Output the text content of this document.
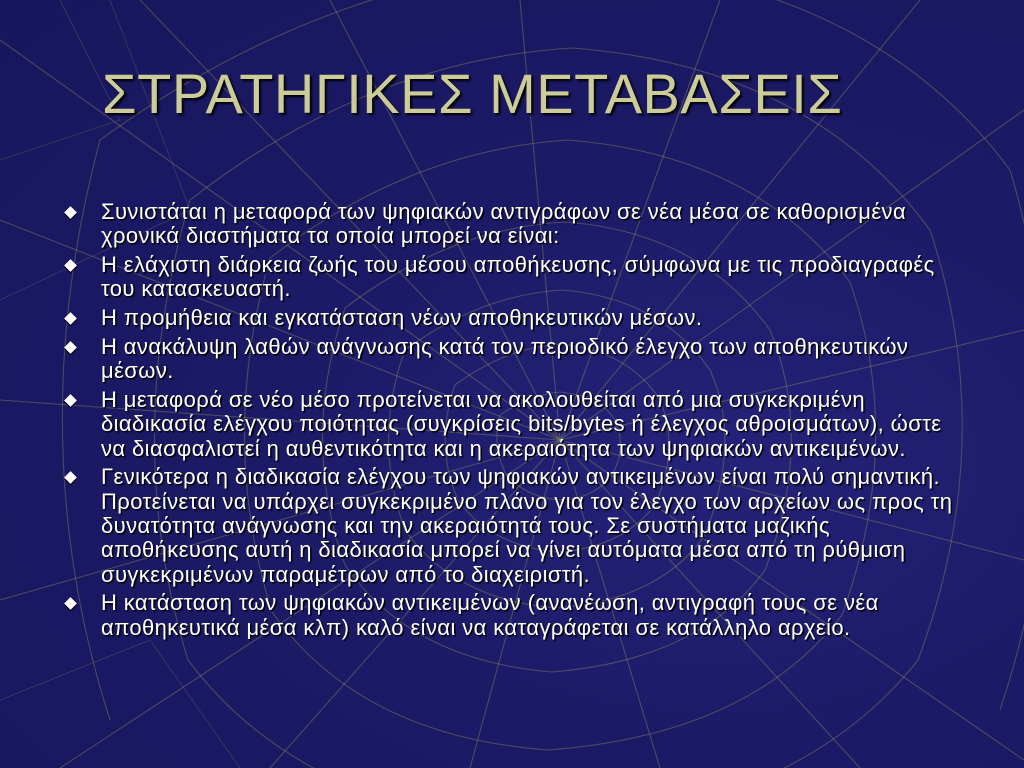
ΣΤΡΑΤΗΓΙΚΕΣ ΜΕΤΑΒΑΣΕΙΣ
Συνιστάται η μεταφορά των ψηφιακών αντιγράφων σε νέα μέσα σε καθορισμένα χρονικά διαστήματα τα οποία μπορεί να είναι:
Η ελάχιστη διάρκεια ζωής του μέσου αποθήκευσης, σύμφωνα με τις προδιαγραφές του κατασκευαστή.
Η προμήθεια και εγκατάσταση νέων αποθηκευτικών μέσων.
Η ανακάλυψη λαθών ανάγνωσης κατά τον περιοδικό έλεγχο των αποθηκευτικών μέσων.
Η μεταφορά σε νέο μέσο προτείνεται να ακολουθείται από μια συγκεκριμένη διαδικασία ελέγχου ποιότητας (συγκρίσεις bits/bytes ή έλεγχος αθροισμάτων), ώστε να διασφαλιστεί η αυθεντικότητα και η ακεραιότητα των ψηφιακών αντικειμένων.
Γενικότερα η διαδικασία ελέγχου των ψηφιακών αντικειμένων είναι πολύ σημαντική. Προτείνεται να υπάρχει συγκεκριμένο πλάνο για τον έλεγχο των αρχείων ως προς τη δυνατότητα ανάγνωσης και την ακεραιότητά τους. Σε συστήματα μαζικής αποθήκευσης αυτή η διαδικασία μπορεί να γίνει αυτόματα μέσα από τη ρύθμιση συγκεκριμένων παραμέτρων από το διαχειριστή.
Η κατάσταση των ψηφιακών αντικειμένων (ανανέωση, αντιγραφή τους σε νέα αποθηκευτικά μέσα κλπ) καλό είναι να καταγράφεται σε κατάλληλο αρχείο.
